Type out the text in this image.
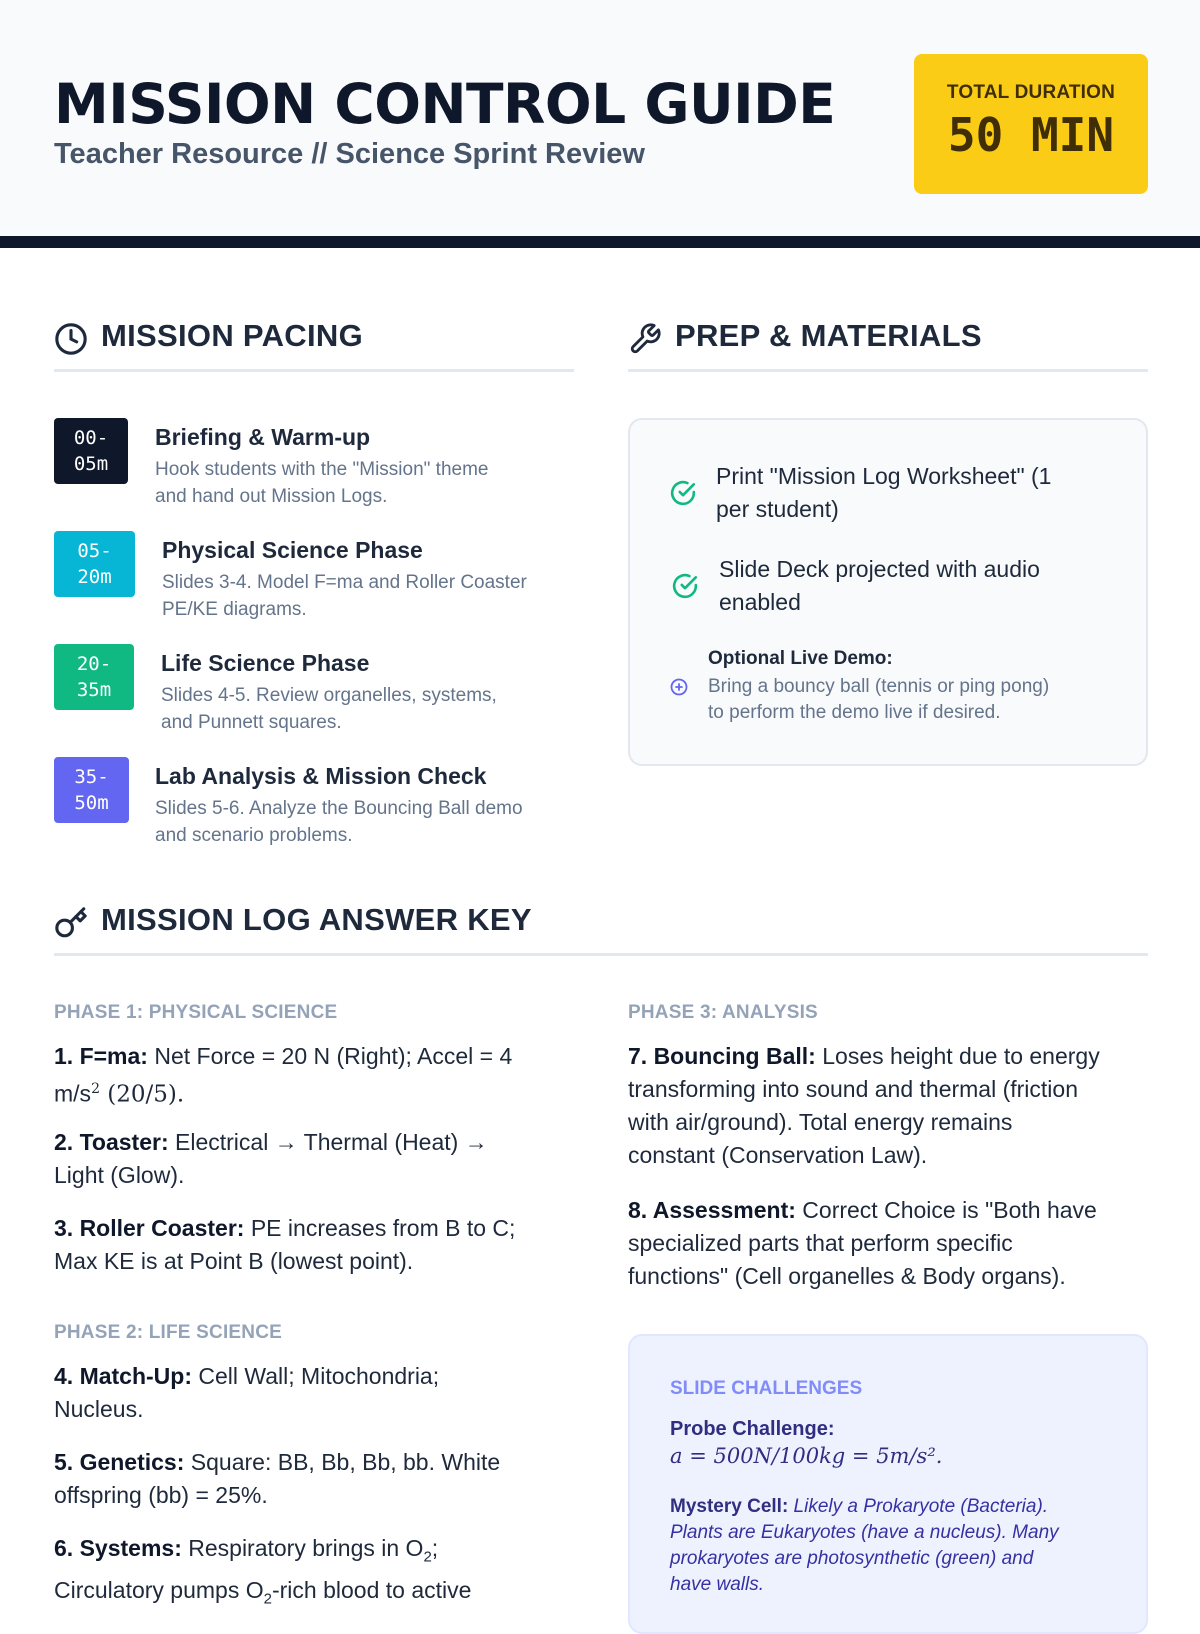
MISSION CONTROL GUIDE
Teacher Resource // Science Sprint Review
TOTAL DURATION
50 MIN
MISSION PACING
00-
05m
Briefing & Warm-up
Hook students with the "Mission" theme
and hand out Mission Logs.
05-
20m
Physical Science Phase
Slides 3-4. Model F=ma and Roller Coaster
PE/KE diagrams.
20-
35m
Life Science Phase
Slides 4-5. Review organelles, systems,
and Punnett squares.
35-
50m
Lab Analysis & Mission Check
Slides 5-6. Analyze the Bouncing Ball demo
and scenario problems.
PREP & MATERIALS
Print "Mission Log Worksheet" (1
per student)
Slide Deck projected with audio
enabled
Optional Live Demo:
Bring a bouncy ball (tennis or ping pong)
to perform the demo live if desired.
MISSION LOG ANSWER KEY
PHASE 1: PHYSICAL SCIENCE
1. F=ma: Net Force = 20 N (Right); Accel = 4
$m/s^2$ (20/5).
2. Toaster: Electrical → Thermal (Heat) →
Light (Glow).
3. Roller Coaster: PE increases from B to C;
Max KE is at Point B (lowest point).
PHASE 2: LIFE SCIENCE
4. Match-Up: Cell Wall; Mitochondria;
Nucleus.
5. Genetics: Square: BB, Bb, Bb, bb. White
offspring (bb) = 25%.
6. Systems: Respiratory brings in $O_2$;
Circulatory pumps $O_2$-rich blood to active
PHASE 3: ANALYSIS
7. Bouncing Ball: Loses height due to energy
transforming into sound and thermal (friction
with air/ground). Total energy remains
constant (Conservation Law).
8. Assessment: Correct Choice is "Both have
specialized parts that perform specific
functions" (Cell organelles & Body organs).
SLIDE CHALLENGES
Probe Challenge:
a = 500N/100kg = 5m/s².
Mystery Cell: Likely a Prokaryote (Bacteria).
Plants are Eukaryotes (have a nucleus). Many
prokaryotes are photosynthetic (green) and
have walls.
